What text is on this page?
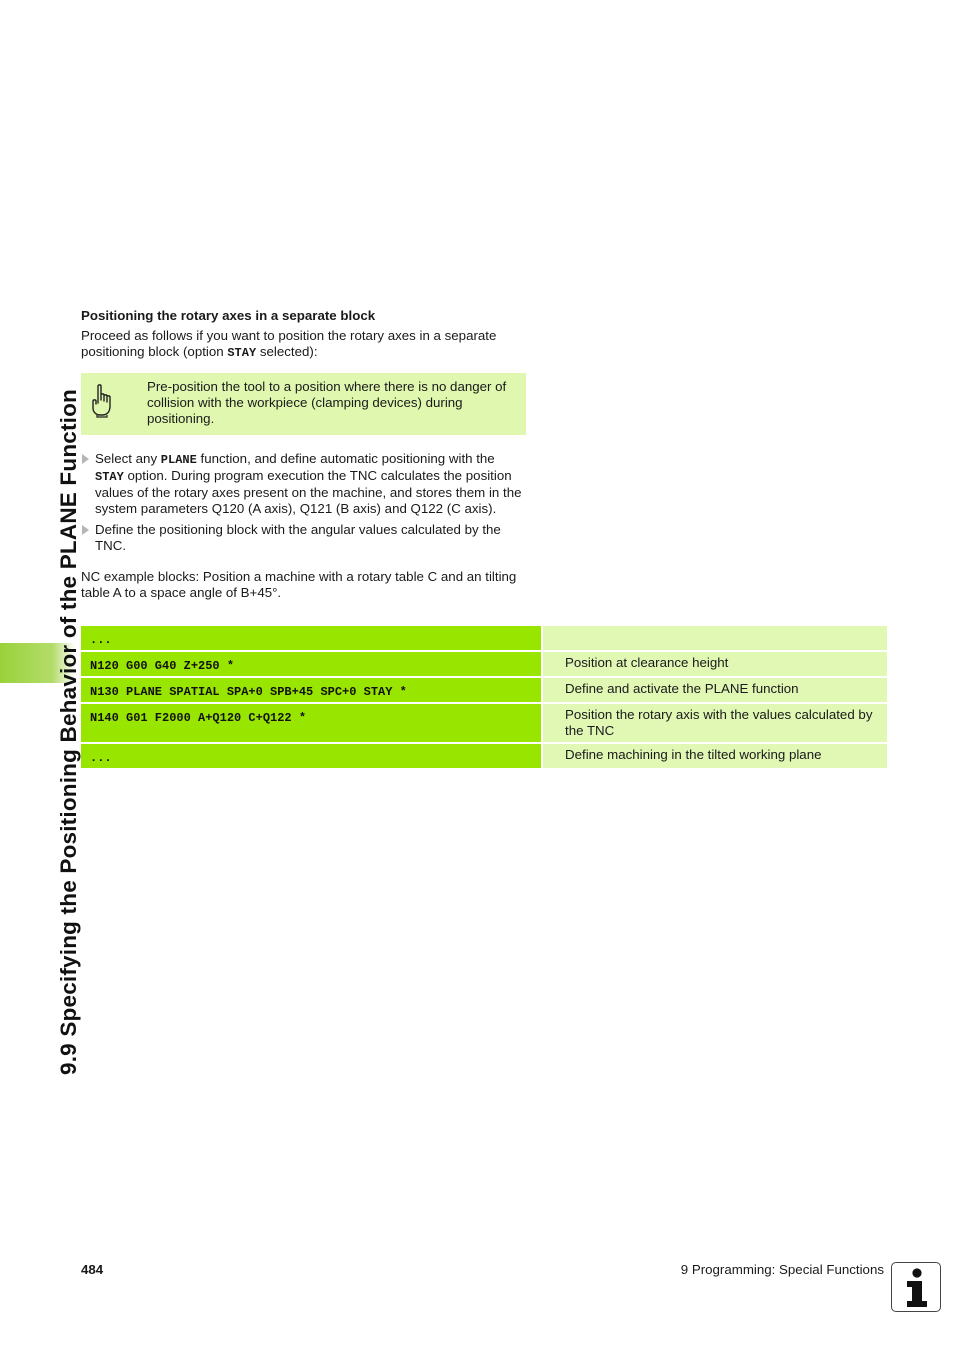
9.9 Specifying the Positioning Behavior of the PLANE Function

Positioning the rotary axes in a separate block

Proceed as follows if you want to position the rotary axes in a separate positioning block (option STAY selected):

Pre-position the tool to a position where there is no danger of collision with the workpiece (clamping devices) during positioning.
Select any PLANE function, and define automatic positioning with the STAY option. During program execution the TNC calculates the position values of the rotary axes present on the machine, and stores them in the system parameters Q120 (A axis), Q121 (B axis) and Q122 (C axis).
Define the positioning block with the angular values calculated by the TNC.

NC example blocks: Position a machine with a rotary table C and an tilting table A to a space angle of B+45°.

...		
N120 G00 G40 Z+250 *		Position at clearance height
N130 PLANE SPATIAL SPA+0 SPB+45 SPC+0 STAY *		Define and activate the PLANE function
N140 G01 F2000 A+Q120 C+Q122 *		Position the rotary axis with the values calculated by the TNC
...		Define machining in the tilted working plane
484	9 Programming: Special Functions
